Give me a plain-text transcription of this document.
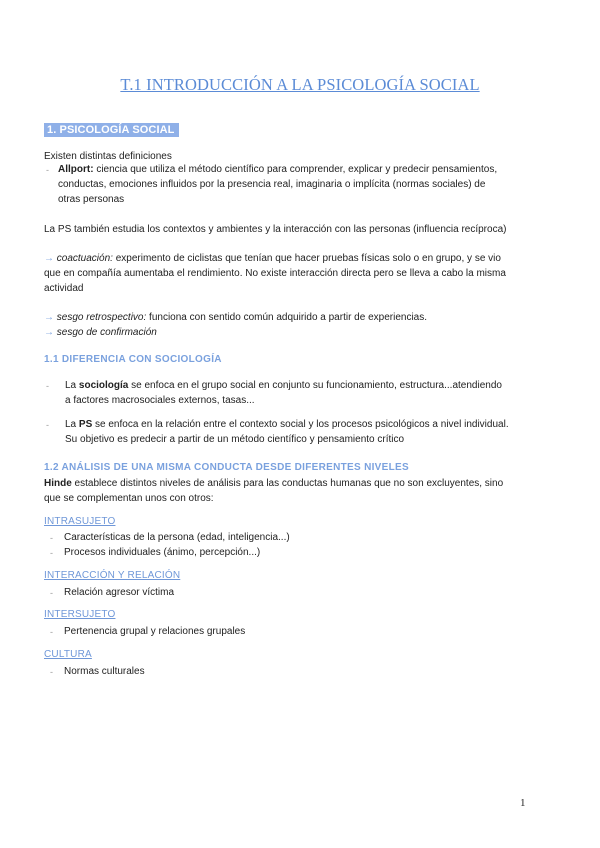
T.1 INTRODUCCIÓN A LA PSICOLOGÍA SOCIAL
1. PSICOLOGÍA SOCIAL
Existen distintas definiciones
- Allport: ciencia que utiliza el método científico para comprender, explicar y predecir pensamientos,
conductas, emociones influidos por la presencia real, imaginaria o implícita (normas sociales) de
otras personas
La PS también estudia los contextos y ambientes y la interacción con las personas (influencia recíproca)
→ coactuación: experimento de ciclistas que tenían que hacer pruebas físicas solo o en grupo, y se vio
que en compañía aumentaba el rendimiento. No existe interacción directa pero se lleva a cabo la misma
actividad
→ sesgo retrospectivo: funciona con sentido común adquirido a partir de experiencias.
→ sesgo de confirmación
1.1 DIFERENCIA CON SOCIOLOGÍA
- La sociología se enfoca en el grupo social en conjunto su funcionamiento, estructura...atendiendo
a factores macrosociales externos, tasas...
- La PS se enfoca en la relación entre el contexto social y los procesos psicológicos a nivel individual.
Su objetivo es predecir a partir de un método científico y pensamiento crítico
1.2 ANÁLISIS DE UNA MISMA CONDUCTA DESDE DIFERENTES NIVELES
Hinde establece distintos niveles de análisis para las conductas humanas que no son excluyentes, sino
que se complementan unos con otros:
INTRASUJETO
- Características de la persona (edad, inteligencia...)
- Procesos individuales (ánimo, percepción...)
INTERACCIÓN Y RELACIÓN
- Relación agresor víctima
INTERSUJETO
- Pertenencia grupal y relaciones grupales
CULTURA
- Normas culturales
1
